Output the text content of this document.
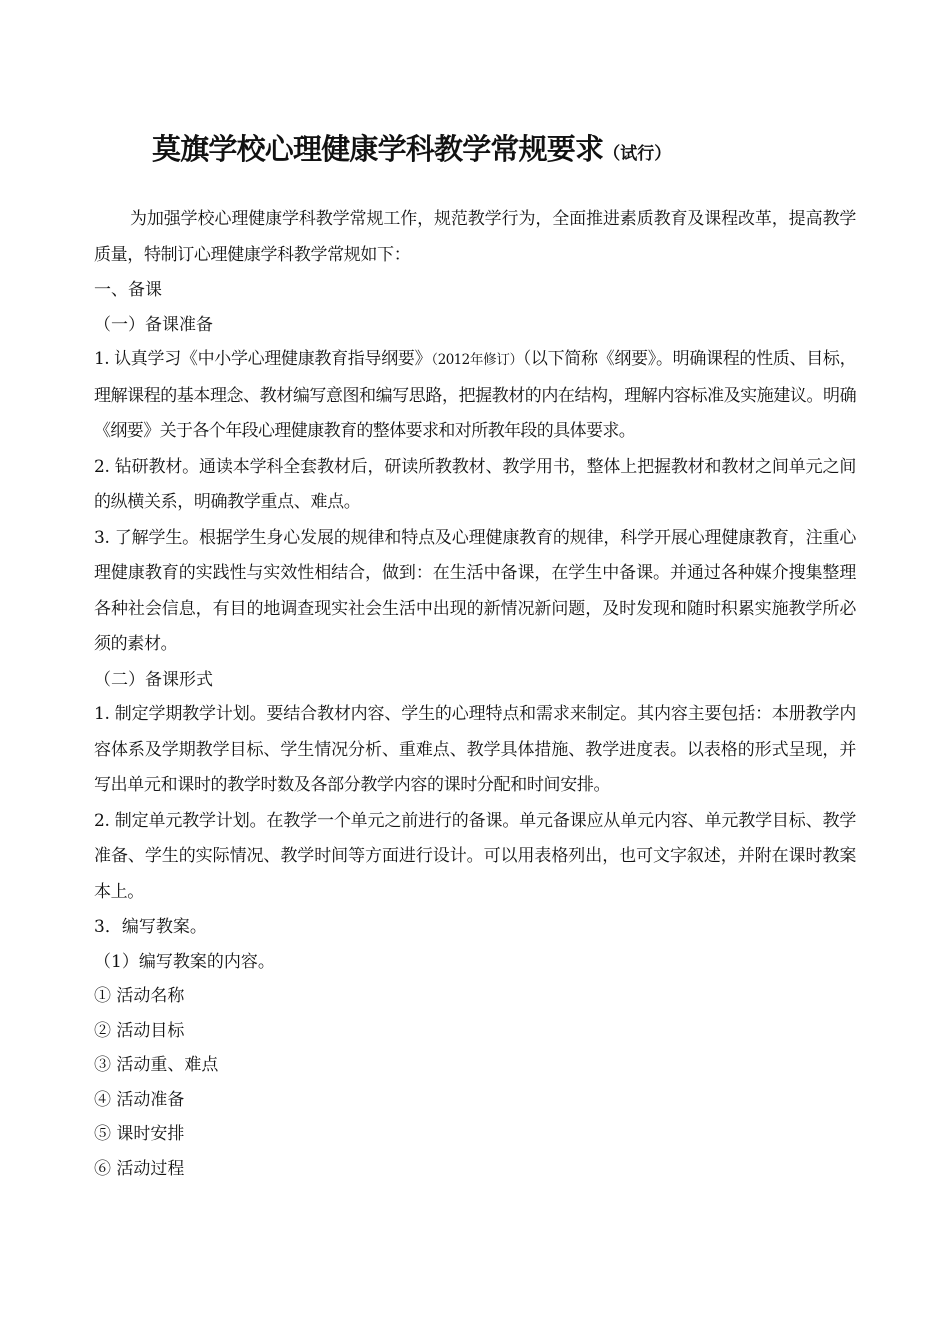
莫旗学校心理健康学科教学常规要求（试行）

为加强学校心理健康学科教学常规工作，规范教学行为，全面推进素质教育及课程改革，提高教学质量，特制订心理健康学科教学常规如下：

一、备课

（一）备课准备

1. 认真学习《中小学心理健康教育指导纲要》（2012年修订）（以下简称《纲要》。明确课程的性质、目标，理解课程的基本理念、教材编写意图和编写思路，把握教材的内在结构，理解内容标准及实施建议。明确《纲要》关于各个年段心理健康教育的整体要求和对所教年段的具体要求。

2. 钻研教材。通读本学科全套教材后，研读所教教材、教学用书，整体上把握教材和教材之间单元之间的纵横关系，明确教学重点、难点。

3. 了解学生。根据学生身心发展的规律和特点及心理健康教育的规律，科学开展心理健康教育，注重心理健康教育的实践性与实效性相结合，做到：在生活中备课，在学生中备课。并通过各种媒介搜集整理各种社会信息，有目的地调查现实社会生活中出现的新情况新问题，及时发现和随时积累实施教学所必须的素材。

（二）备课形式

1. 制定学期教学计划。要结合教材内容、学生的心理特点和需求来制定。其内容主要包括：本册教学内容体系及学期教学目标、学生情况分析、重难点、教学具体措施、教学进度表。以表格的形式呈现，并写出单元和课时的教学时数及各部分教学内容的课时分配和时间安排。

2. 制定单元教学计划。在教学一个单元之前进行的备课。单元备课应从单元内容、单元教学目标、教学准备、学生的实际情况、教学时间等方面进行设计。可以用表格列出，也可文字叙述，并附在课时教案本上。

3．编写教案。

（1）编写教案的内容。

① 活动名称

② 活动目标

③ 活动重、难点

④ 活动准备

⑤ 课时安排

⑥ 活动过程
